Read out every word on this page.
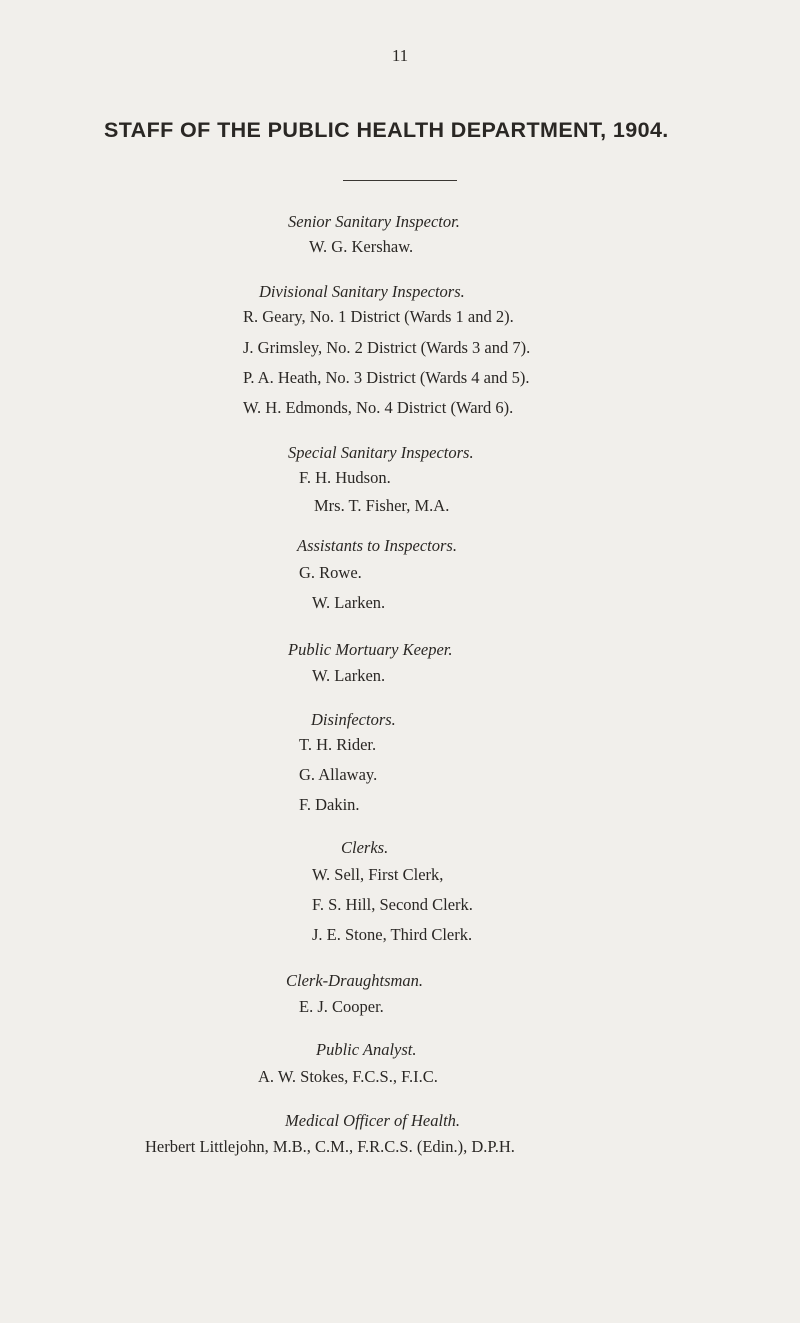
11
STAFF OF THE PUBLIC HEALTH DEPARTMENT, 1904.
Senior Sanitary Inspector.
W. G. Kershaw.
Divisional Sanitary Inspectors.
R. Geary, No. 1 District (Wards 1 and 2).
J. Grimsley, No. 2 District (Wards 3 and 7).
P. A. Heath, No. 3 District (Wards 4 and 5).
W. H. Edmonds, No. 4 District (Ward 6).
Special Sanitary Inspectors.
F. H. Hudson.
Mrs. T. Fisher, M.A.
Assistants to Inspectors.
G. Rowe.
W. Larken.
Public Mortuary Keeper.
W. Larken.
Disinfectors.
T. H. Rider.
G. Allaway.
F. Dakin.
Clerks.
W. Sell, First Clerk,
F. S. Hill, Second Clerk.
J. E. Stone, Third Clerk.
Clerk-Draughtsman.
E. J. Cooper.
Public Analyst.
A. W. Stokes, F.C.S., F.I.C.
Medical Officer of Health.
Herbert Littlejohn, M.B., C.M., F.R.C.S. (Edin.), D.P.H.
